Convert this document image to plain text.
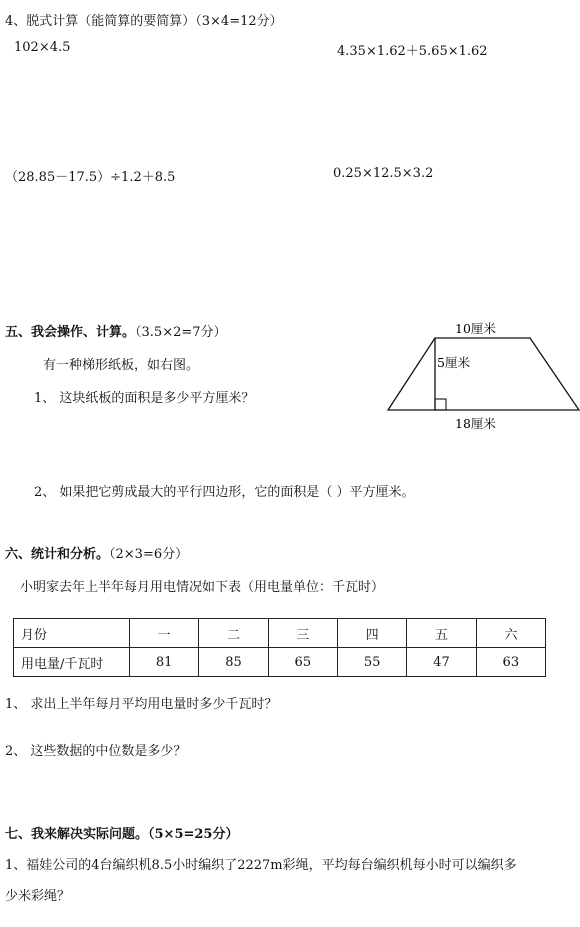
4、脱式计算（能简算的要简算）（3×4=12分）
102×4.5	4.35×1.62＋5.65×1.62
（28.85－17.5）÷1.2＋8.5	0.25×12.5×3.2
五、我会操作、计算。（3.5×2=7分）
有一种梯形纸板，如右图。
1、 这块纸板的面积是多少平方厘米？
2、 如果把它剪成最大的平行四边形，它的面积是（ ）平方厘米。
10厘米
5厘米
18厘米
六、统计和分析。（2×3=6分）
小明家去年上半年每月用电情况如下表（用电量单位：千瓦时）
月份	一	二	三	四	五	六
用电量/千瓦时	81	85	65	55	47	63
1、 求出上半年每月平均用电量时多少千瓦时？
2、 这些数据的中位数是多少？
七、我来解决实际问题。（5×5=25分）
1、福娃公司的4台编织机8.5小时编织了2227m彩绳，平均每台编织机每小时可以编织多
少米彩绳？
